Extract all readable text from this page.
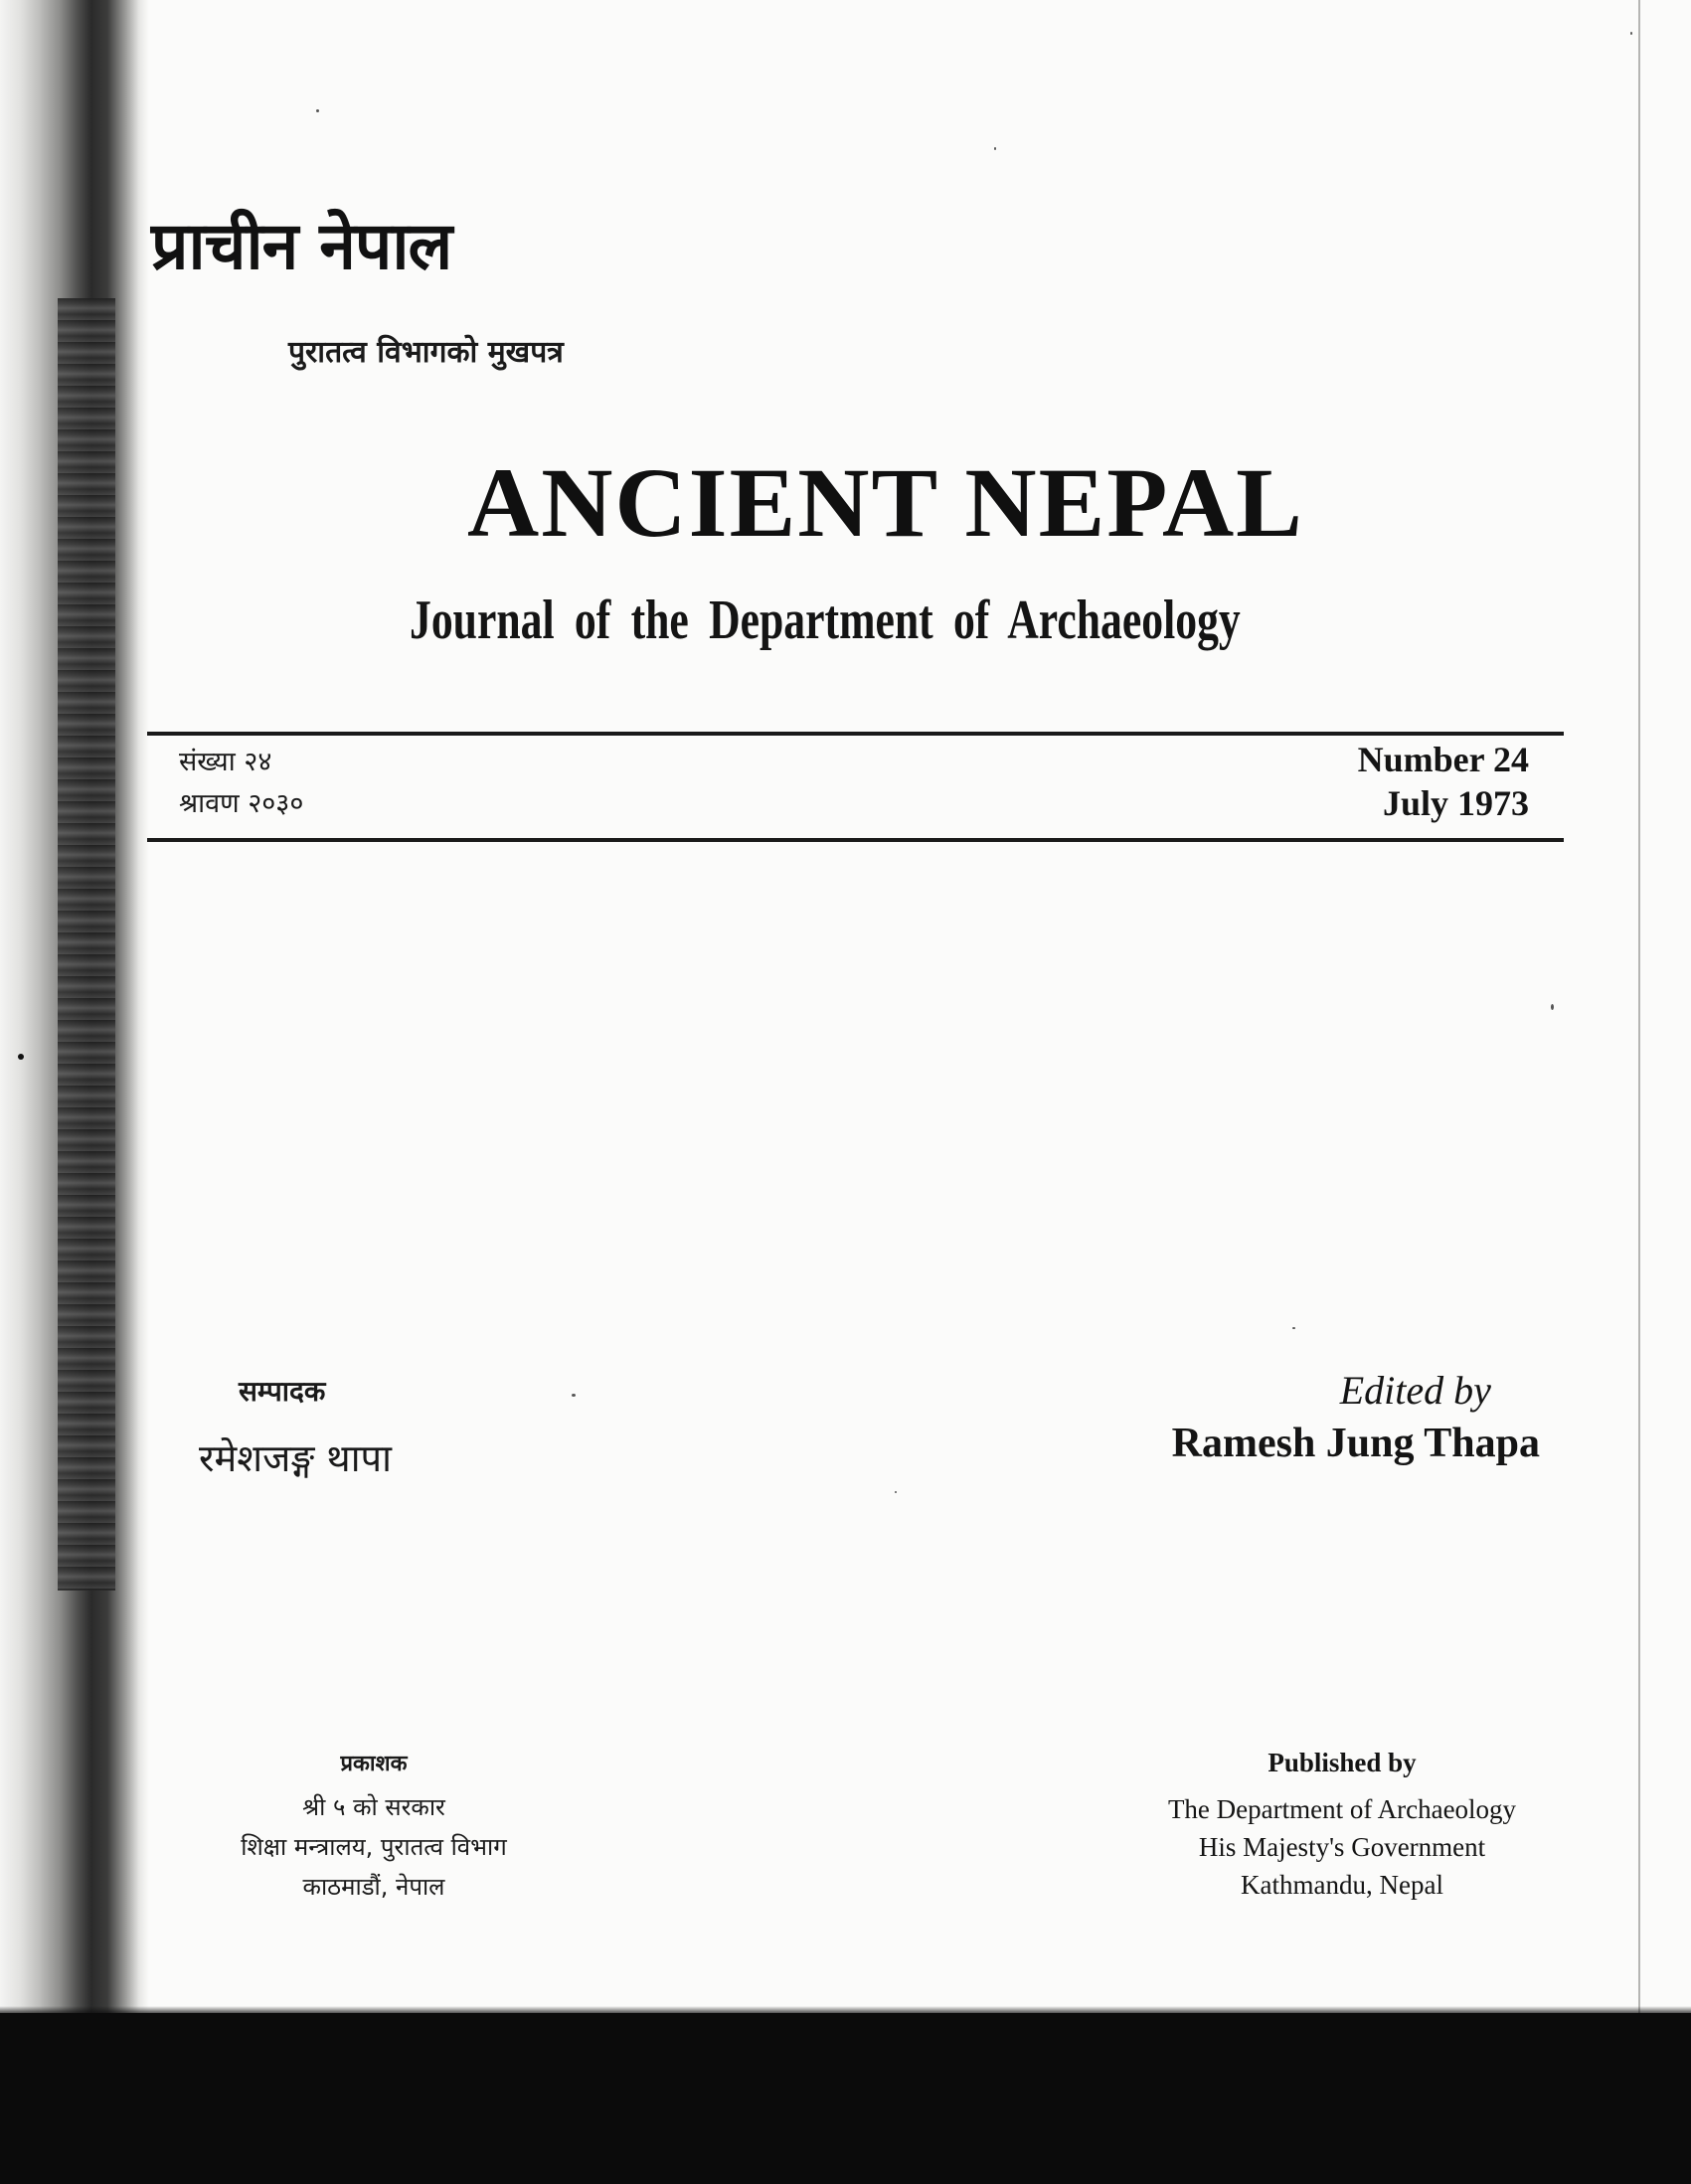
प्राचीन नेपाल
पुरातत्व विभागको मुखपत्र
ANCIENT NEPAL
Journal of the Department of Archaeology
संख्या २४
श्रावण २०३०
Number 24
July 1973
सम्पादक
रमेशजङ्ग थापा
Edited by
Ramesh Jung Thapa
प्रकाशक
श्री ५ को सरकार
शिक्षा मन्त्रालय, पुरातत्व विभाग
काठमाडौं, नेपाल
Published by
The Department of Archaeology
His Majesty's Government
Kathmandu, Nepal
